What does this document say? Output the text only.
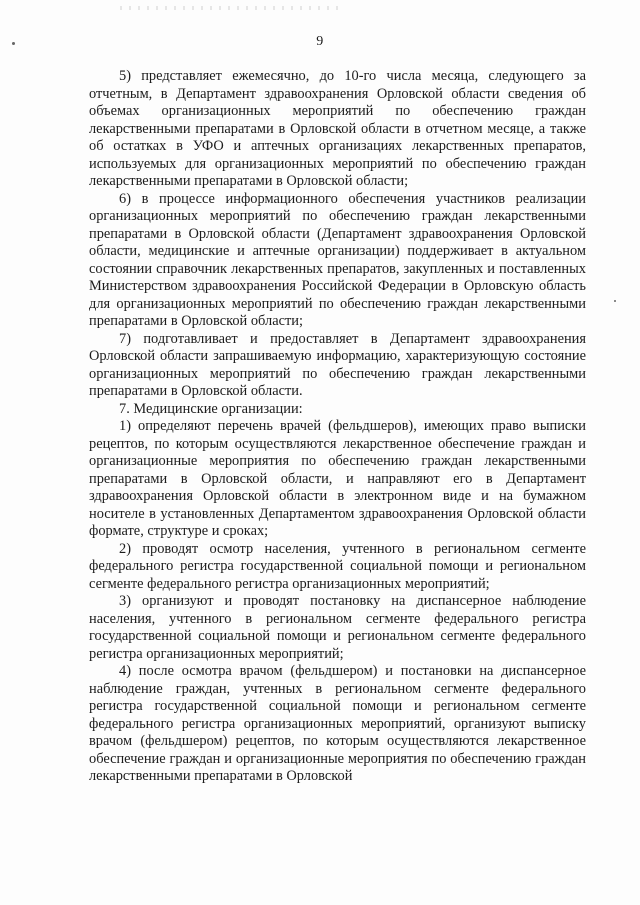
9

5) представляет ежемесячно, до 10-го числа месяца, следующего за отчетным, в Департамент здравоохранения Орловской области сведения об объемах организационных мероприятий по обеспечению граждан лекарственными препаратами в Орловской области в отчетном месяце, а также об остатках в УФО и аптечных организациях лекарственных препаратов, используемых для организационных мероприятий по обеспечению граждан лекарственными препаратами в Орловской области;

6) в процессе информационного обеспечения участников реализации организационных мероприятий по обеспечению граждан лекарственными препаратами в Орловской области (Департамент здравоохранения Орловской области, медицинские и аптечные организации) поддерживает в актуальном состоянии справочник лекарственных препаратов, закупленных и поставленных Министерством здравоохранения Российской Федерации в Орловскую область для организационных мероприятий по обеспечению граждан лекарственными препаратами в Орловской области;

7) подготавливает и предоставляет в Департамент здравоохранения Орловской области запрашиваемую информацию, характеризующую состояние организационных мероприятий по обеспечению граждан лекарственными препаратами в Орловской области.

7. Медицинские организации:

1) определяют перечень врачей (фельдшеров), имеющих право выписки рецептов, по которым осуществляются лекарственное обеспечение граждан и организационные мероприятия по обеспечению граждан лекарственными препаратами в Орловской области, и направляют его в Департамент здравоохранения Орловской области в электронном виде и на бумажном носителе в установленных Департаментом здравоохранения Орловской области формате, структуре и сроках;

2) проводят осмотр населения, учтенного в региональном сегменте федерального регистра государственной социальной помощи и региональном сегменте федерального регистра организационных мероприятий;

3) организуют и проводят постановку на диспансерное наблюдение населения, учтенного в региональном сегменте федерального регистра государственной социальной помощи и региональном сегменте федерального регистра организационных мероприятий;

4) после осмотра врачом (фельдшером) и постановки на диспансерное наблюдение граждан, учтенных в региональном сегменте федерального регистра государственной социальной помощи и региональном сегменте федерального регистра организационных мероприятий, организуют выписку врачом (фельдшером) рецептов, по которым осуществляются лекарственное обеспечение граждан и организационные мероприятия по обеспечению граждан лекарственными препаратами в Орловской
